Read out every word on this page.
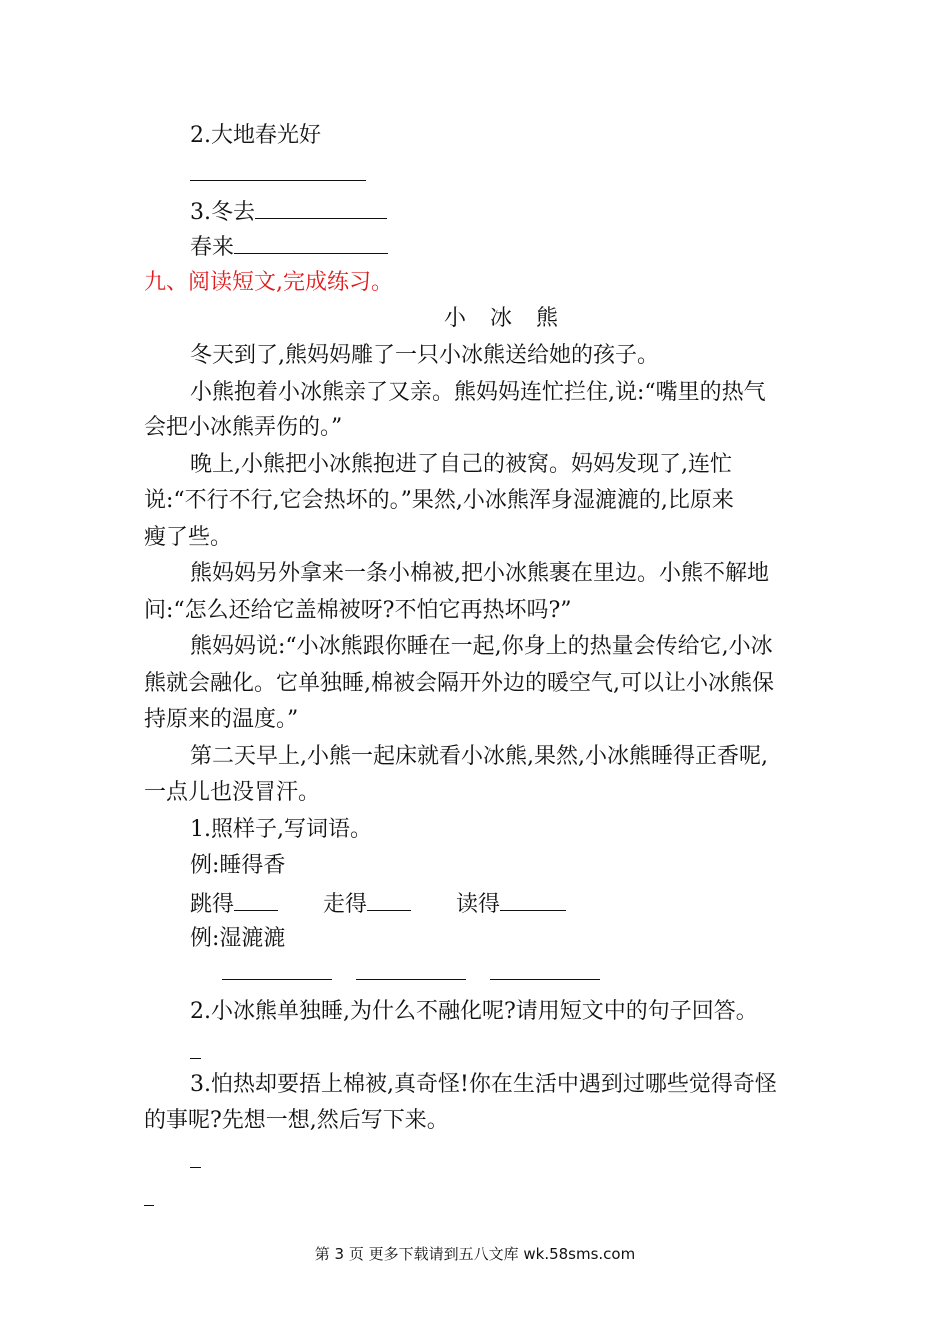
2.大地春光好
3.冬去
春来
九、阅读短文,完成练习。
小 冰 熊
冬天到了,熊妈妈雕了一只小冰熊送给她的孩子。
小熊抱着小冰熊亲了又亲。熊妈妈连忙拦住,说:“嘴里的热气
会把小冰熊弄伤的。”
晚上,小熊把小冰熊抱进了自己的被窝。妈妈发现了,连忙
说:“不行不行,它会热坏的。”果然,小冰熊浑身湿漉漉的,比原来
瘦了些。
熊妈妈另外拿来一条小棉被,把小冰熊裹在里边。小熊不解地
问:“怎么还给它盖棉被呀?不怕它再热坏吗?”
熊妈妈说:“小冰熊跟你睡在一起,你身上的热量会传给它,小冰
熊就会融化。它单独睡,棉被会隔开外边的暖空气,可以让小冰熊保
持原来的温度。”
第二天早上,小熊一起床就看小冰熊,果然,小冰熊睡得正香呢,
一点儿也没冒汗。
1.照样子,写词语。
例:睡得香
跳得	走得	读得
例:湿漉漉
2.小冰熊单独睡,为什么不融化呢?请用短文中的句子回答。
3.怕热却要捂上棉被,真奇怪!你在生活中遇到过哪些觉得奇怪
的事呢?先想一想,然后写下来。
第 3 页 更多下载请到五八文库 wk.58sms.com
